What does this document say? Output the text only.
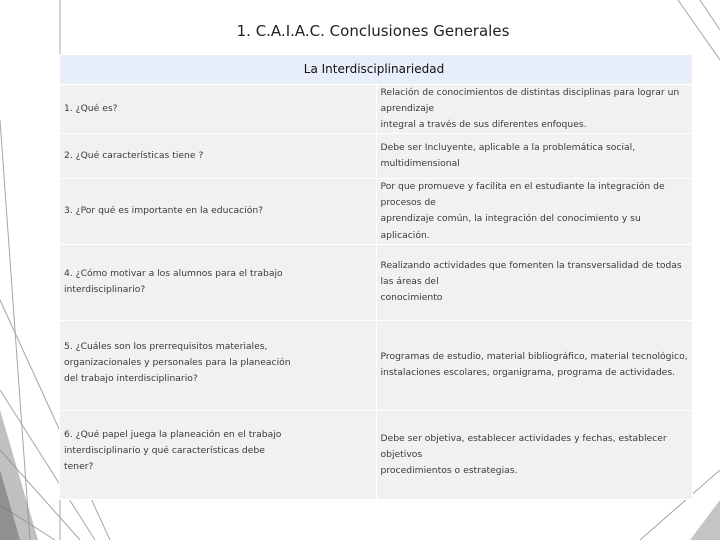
1. C.A.I.A.C. Conclusiones Generales
La Interdisciplinariedad	

1. ¿Qué es?	Relación de conocimientos de distintas disciplinas para lograr un aprendizaje
integral a través de sus diferentes enfoques.

2. ¿Qué características tiene ?	Debe ser Incluyente, aplicable a la problemática social, multidimensional

3. ¿Por qué es importante en la educación?	Por que promueve y facilita en el estudiante la integración de procesos de
aprendizaje común, la integración del conocimiento y su aplicación.

4. ¿Cómo motivar a los alumnos para el trabajo
interdisciplinario?	Realizando actividades que fomenten la transversalidad de todas las áreas del
conocimiento

5. ¿Cuáles son los prerrequisitos materiales,
organizacionales y personales para la planeación
del trabajo interdisciplinario?	Programas de estudio, material bibliográfico, material tecnológico,
instalaciones escolares, organigrama, programa de actividades.

6. ¿Qué papel juega la planeación en el trabajo
interdisciplinario y qué características debe
tener?	Debe ser objetiva, establecer actividades y fechas, establecer objetivos
procedimientos o estrategias.
